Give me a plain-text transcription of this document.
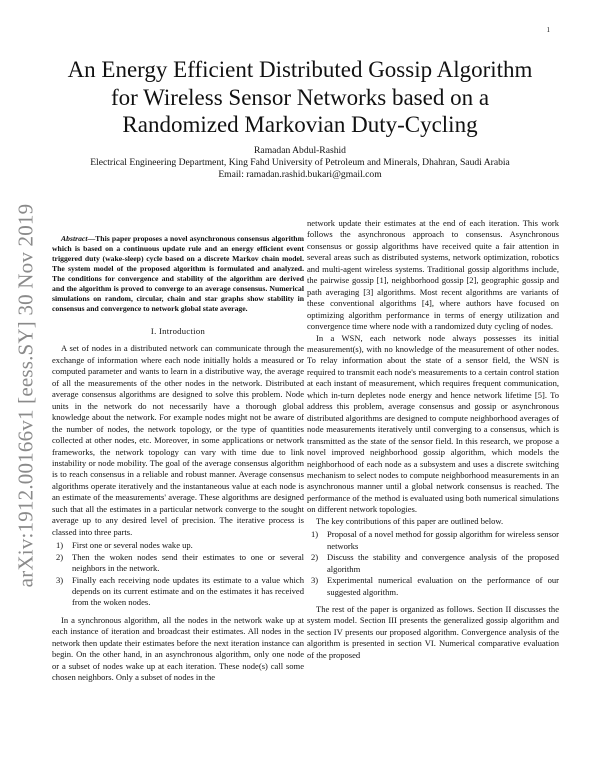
1
arXiv:1912.00166v1 [eess.SY] 30 Nov 2019
An Energy Efficient Distributed Gossip Algorithm
for Wireless Sensor Networks based on a
Randomized Markovian Duty-Cycling
Ramadan Abdul-Rashid
Electrical Engineering Department, King Fahd University of Petroleum and Minerals, Dhahran, Saudi Arabia
Email: ramadan.rashid.bukari@gmail.com

Abstract—This paper proposes a novel asynchronous consensus algorithm which is based on a continuous update rule and an energy efficient event triggered duty (wake-sleep) cycle based on a discrete Markov chain model. The system model of the proposed algorithm is formulated and analyzed. The conditions for convergence and stability of the algorithm are derived and the algorithm is proved to converge to an average consensus. Numerical simulations on random, circular, chain and star graphs show stability in consensus and convergence to network global state average.

I. Introduction

A set of nodes in a distributed network can communicate through the exchange of information where each node initially holds a measured or computed parameter and wants to learn in a distributive way, the average of all the measurements of the other nodes in the network. Distributed average consensus algorithms are designed to solve this problem. Node units in the network do not necessarily have a thorough global knowledge about the network. For example nodes might not be aware of the number of nodes, the network topology, or the type of quantities collected at other nodes, etc. Moreover, in some applications or network frameworks, the network topology can vary with time due to link instability or node mobility. The goal of the average consensus algorithm is to reach consensus in a reliable and robust manner. Average consensus algorithms operate iteratively and the instantaneous value at each node is an estimate of the measurements' average. These algorithms are designed such that all the estimates in a particular network converge to the sought average up to any desired level of precision. The iterative process is classed into three parts.

1) First one or several nodes wake up.
2) Then the woken nodes send their estimates to one or several neighbors in the network.
3) Finally each receiving node updates its estimate to a value which depends on its current estimate and on the estimates it has received from the woken nodes.

In a synchronous algorithm, all the nodes in the network wake up at each instance of iteration and broadcast their estimates. All nodes in the network then update their estimates before the next iteration instance can begin. On the other hand, in an asynchronous algorithm, only one node or a subset of nodes wake up at each iteration. These node(s) call some chosen neighbors. Only a subset of nodes in the

network update their estimates at the end of each iteration. This work follows the asynchronous approach to consensus. Asynchronous consensus or gossip algorithms have received quite a fair attention in several areas such as distributed systems, network optimization, robotics and multi-agent wireless systems. Traditional gossip algorithms include, the pairwise gossip [1], neighborhood gossip [2], geographic gossip and path averaging [3] algorithms. Most recent algorithms are variants of these conventional algorithms [4], where authors have focused on optimizing algorithm performance in terms of energy utilization and convergence time where node with a randomized duty cycling of nodes.

In a WSN, each network node always possesses its initial measurement(s), with no knowledge of the measurement of other nodes. To relay information about the state of a sensor field, the WSN is required to transmit each node's measurements to a certain control station at each instant of measurement, which requires frequent communication, which in-turn depletes node energy and hence network lifetime [5]. To address this problem, average consensus and gossip or asynchronous distributed algorithms are designed to compute neighborhood averages of node measurements iteratively until converging to a consensus, which is transmitted as the state of the sensor field. In this research, we propose a novel improved neighborhood gossip algorithm, which models the neighborhood of each node as a subsystem and uses a discrete switching mechanism to select nodes to compute neighborhood measurements in an asynchronous manner until a global network consensus is reached. The performance of the method is evaluated using both numerical simulations on different network topologies.

The key contributions of this paper are outlined below.

1) Proposal of a novel method for gossip algorithm for wireless sensor networks
2) Discuss the stability and convergence analysis of the proposed algorithm
3) Experimental numerical evaluation on the performance of our suggested algorithm.

The rest of the paper is organized as follows. Section II discusses the system model. Section III presents the generalized gossip algorithm and section IV presents our proposed algorithm. Convergence analysis of the algorithm is presented in section VI. Numerical comparative evaluation of the proposed
